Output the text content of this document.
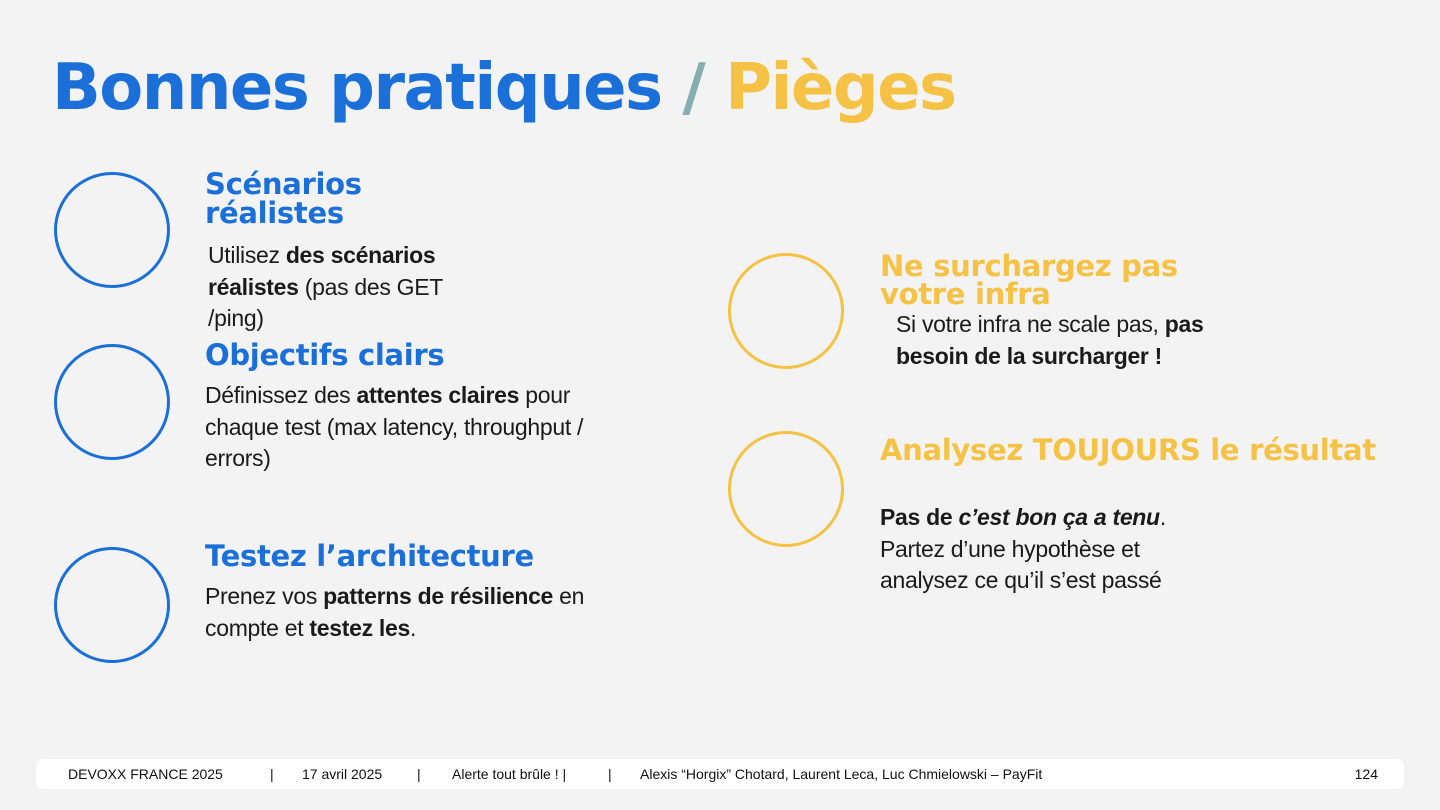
Bonnes pratiques / Pièges
Scénarios réalistes

Utilisez des scénarios réalistes (pas des GET /ping)

Objectifs clairs

Définissez des attentes claires pour chaque test (max latency, throughput / errors)

Testez l’architecture

Prenez vos patterns de résilience en compte et testez les.

Ne surchargez pas votre infra

Si votre infra ne scale pas, pas besoin de la surcharger !

Analysez TOUJOURS le résultat

Pas de c’est bon ça a tenu.
Partez d’une hypothèse et analysez ce qu’il s’est passé

DEVOXX FRANCE 2025	| 17 avril 2025 | Alerte tout brûle ! |	| Alexis “Horgix” Chotard, Laurent Leca, Luc Chmielowski – PayFit	124
